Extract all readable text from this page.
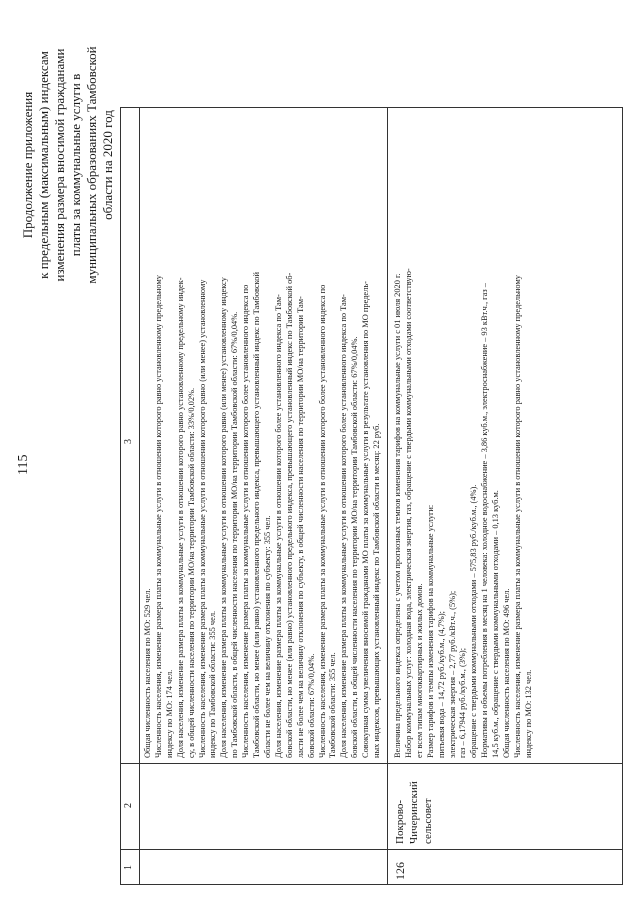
115
Продолжение приложения к предельным (максимальным) индексам изменения размера вносимой гражданами платы за коммунальные услуги в муниципальных образованиях Тамбовской области на 2020 год
1
2
3
Общая численность населения по МО: 529 чел. Численность населения, изменение размера платы за коммунальные услуги в отношении которого равно установленному предельному индексу по МО: 174 чел. Доля населения, изменение размера платы за коммунальные услуги в отношении которого равно установленному предельному индек- су, в общей численности населения по территории МО/на территории Тамбовской области: 33%/0,02%. Численность населения, изменение размера платы за коммунальные услуги в отношении которого равно (или менее) установленному индексу по Тамбовской области: 355 чел. Доля населения, изменение размера платы за коммунальные услуги в отношении которого равно (или менее) установленному индексу по Тамбовской области, в общей численности населения по территории МО/на территории Тамбовской области: 67%/0,04%. Численность населения, изменение размера платы за коммунальные услуги в отношении которого более установленного индекса по Тамбовской области, но менее (или равно) установленного предельного индекса, превышающего установленный индекс по Тамбовской области не более чем на величину отклонения по субъекту: 355 чел. Доля населения, изменение размера платы за коммунальные услуги в отношении которого более установленного индекса по Там- бовской области, но менее (или равно) установленного предельного индекса, превышающего установленный индекс по Тамбовской об- ласти не более чем на величину отклонения по субъекту, в общей численности населения по территории МО/на территории Там- бовской области: 67%/0,04%. Численность населения, изменение размера платы за коммунальные услуги в отношении которого более установленного индекса по Тамбовской области: 355 чел. Доля населения, изменение размера платы за коммунальные услуги в отношении которого более установленного индекса по Там- бовской области, в общей численности населения по территории МО/на территории Тамбовской области: 67%/0,04%. Совокупная сумма увеличения вносимой гражданами МО платы за коммунальные услуги в результате установления по МО предель- ных индексов, превышающих установленный индекс по Тамбовской области в месяц: 22 руб.
126
Покрово- Чичеринский сельсовет
Величина предельного индекса определена с учетом прогнозных темпов изменения тарифов на коммунальные услуги с 01 июля 2020 г. Набор коммунальных услуг: холодная вода, электрическая энергия, газ, обращение с твердыми коммунальными отходами соответствую- ет всем типам многоквартирных и жилых домов. Размер тарифов и темпы изменения тарифов на коммунальные услуги: питьевая вода – 14,72 руб./куб.м., (4,7%); электрическая энергия – 2,77 руб./кВт.ч., (5%); газ – 6,17944 руб./куб.м., (3%); обращение с твердыми коммунальными отходами – 575,83 руб./куб.м., (4%). Нормативы и объемы потребления в месяц на 1 человека: холодное водоснабжение – 3,86 куб.м., электроснабжение – 93 кВт.ч., газ – 14,5 куб.м., обращение с твердыми коммунальными отходами – 0,13 куб.м. Общая численность населения по МО: 496 чел. Численность населения, изменение размера платы за коммунальные услуги в отношении которого равно установленному предельному индексу по МО: 132 чел.
